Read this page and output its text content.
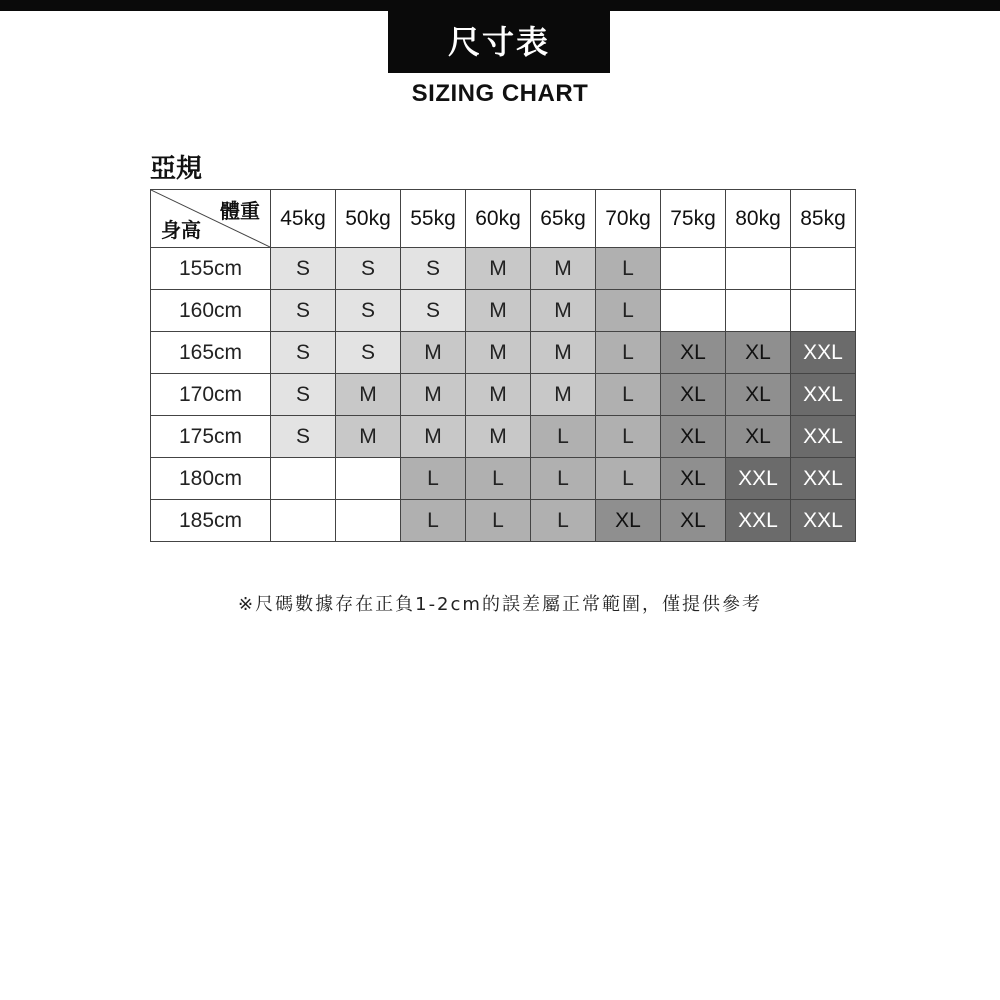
尺寸表
SIZING CHART
亞規
體重
身高	45kg	50kg	55kg	60kg	65kg	70kg	75kg	80kg	85kg
155cm	S	S	S	M	M	L			
160cm	S	S	S	M	M	L			
165cm	S	S	M	M	M	L	XL	XL	XXL
170cm	S	M	M	M	M	L	XL	XL	XXL
175cm	S	M	M	M	L	L	XL	XL	XXL
180cm			L	L	L	L	XL	XXL	XXL
185cm			L	L	L	XL	XL	XXL	XXL
※尺碼數據存在正負1-2cm的誤差屬正常範圍，僅提供參考
